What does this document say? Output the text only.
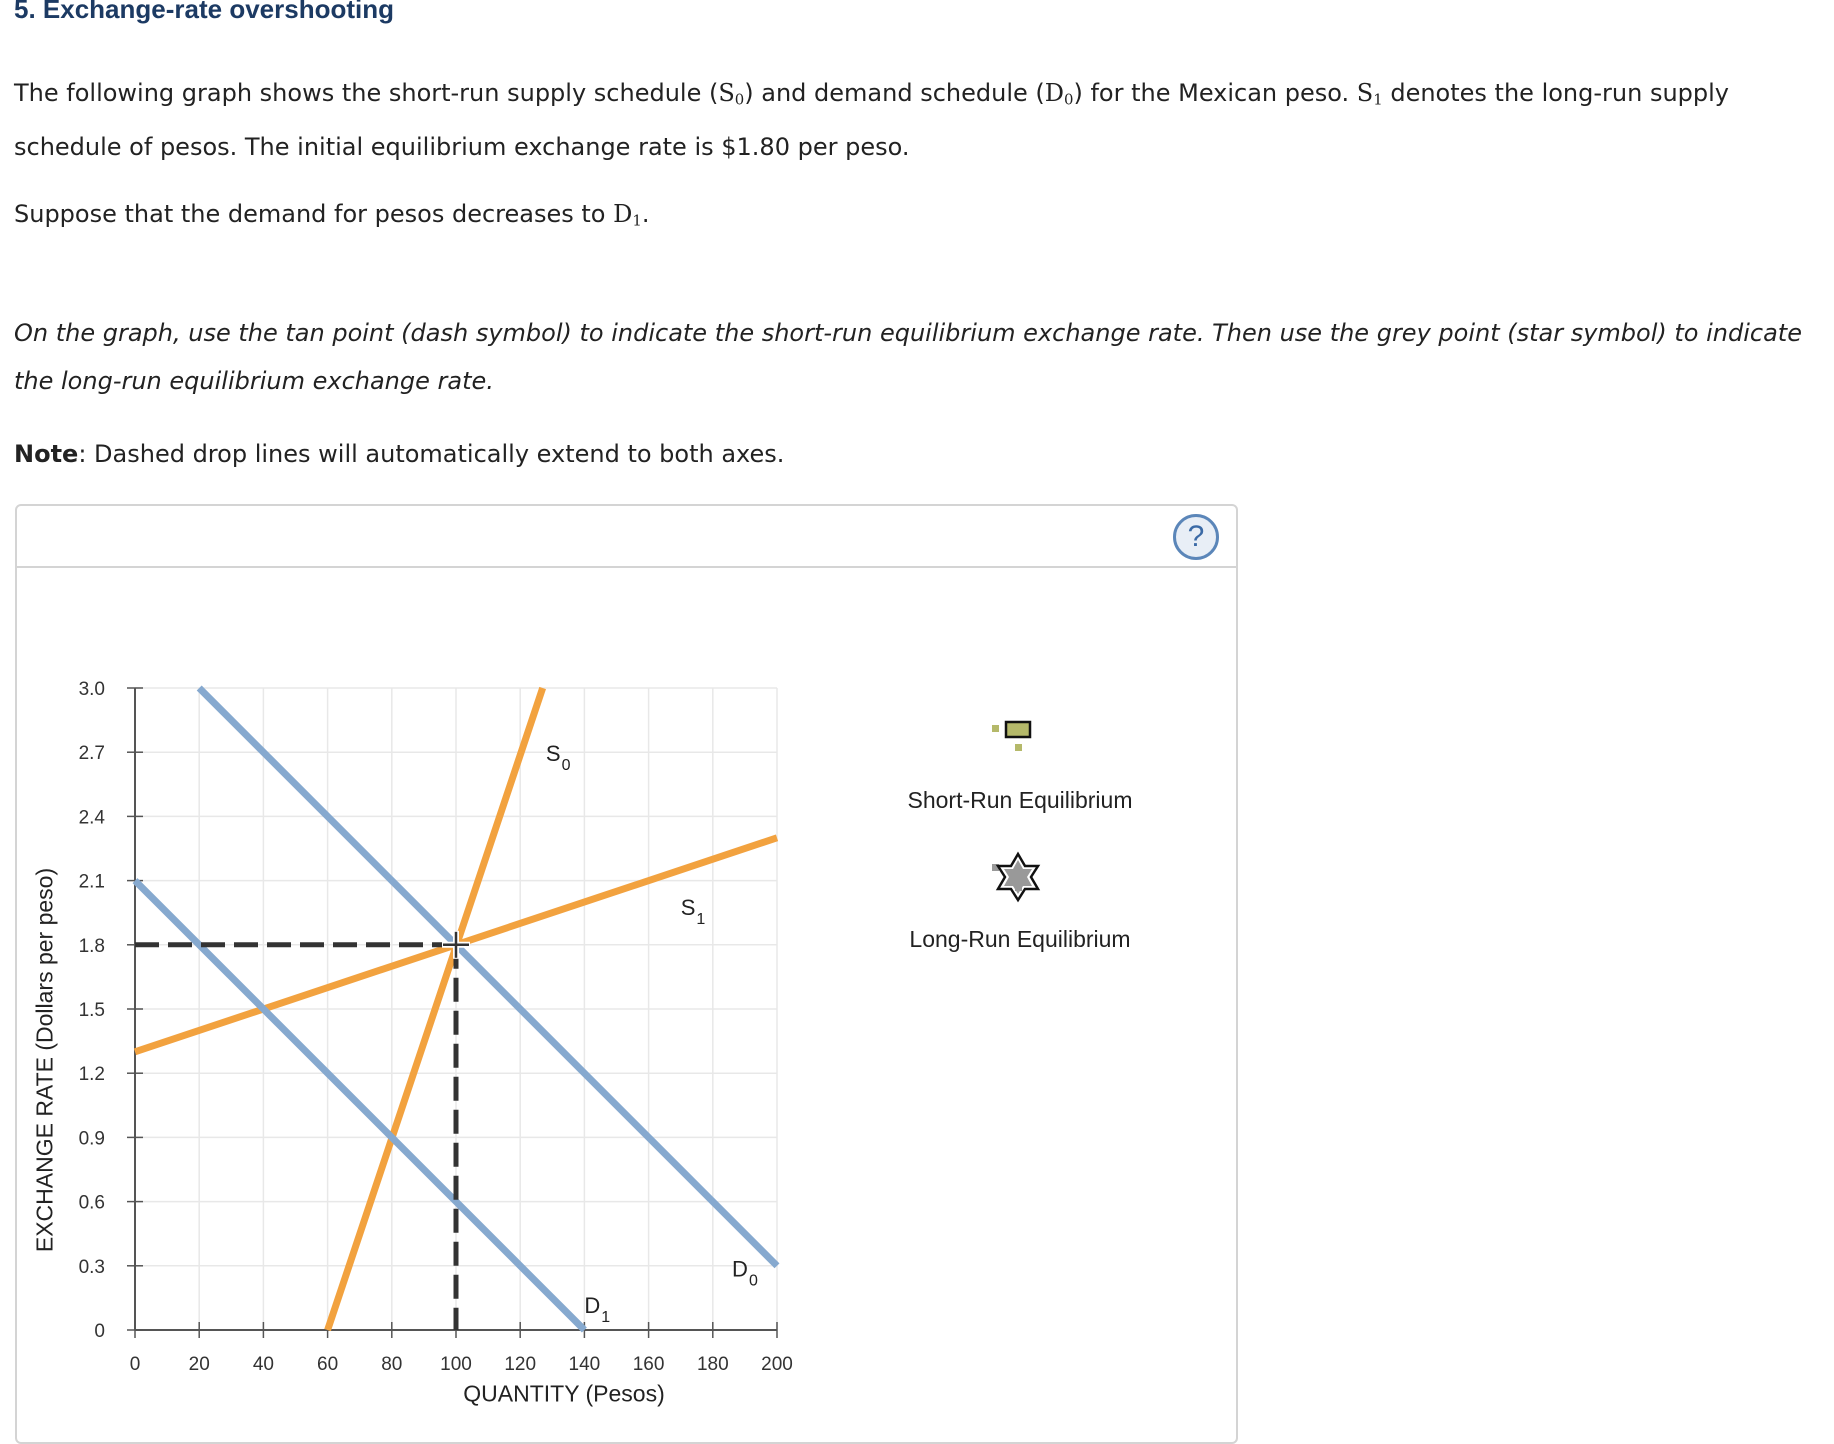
5. Exchange-rate overshooting
The following graph shows the short-run supply schedule $(S_0)$ and demand schedule $(D_0)$ for the Mexican peso. $S_1$ denotes the long-run supply schedule of pesos. The initial equilibrium exchange rate is $1.80 per peso.
Suppose that the demand for pesos decreases to $D_1$.
On the graph, use the tan point (dash symbol) to indicate the short-run equilibrium exchange rate. Then use the grey point (star symbol) to indicate the long-run equilibrium exchange rate.
Note: Dashed drop lines will automatically extend to both axes.
?
0
0.3
0.6
0.9
1.2
1.5
1.8
2.1
2.4
2.7
3.0
0	20 40 60 80 100 120 140 160 180 200
$S_0$
$S_1$
$D_0$
$D_1$
EXCHANGE RATE (Dollars per peso)
QUANTITY (Pesos)
Short-Run Equilibrium
Long-Run Equilibrium
